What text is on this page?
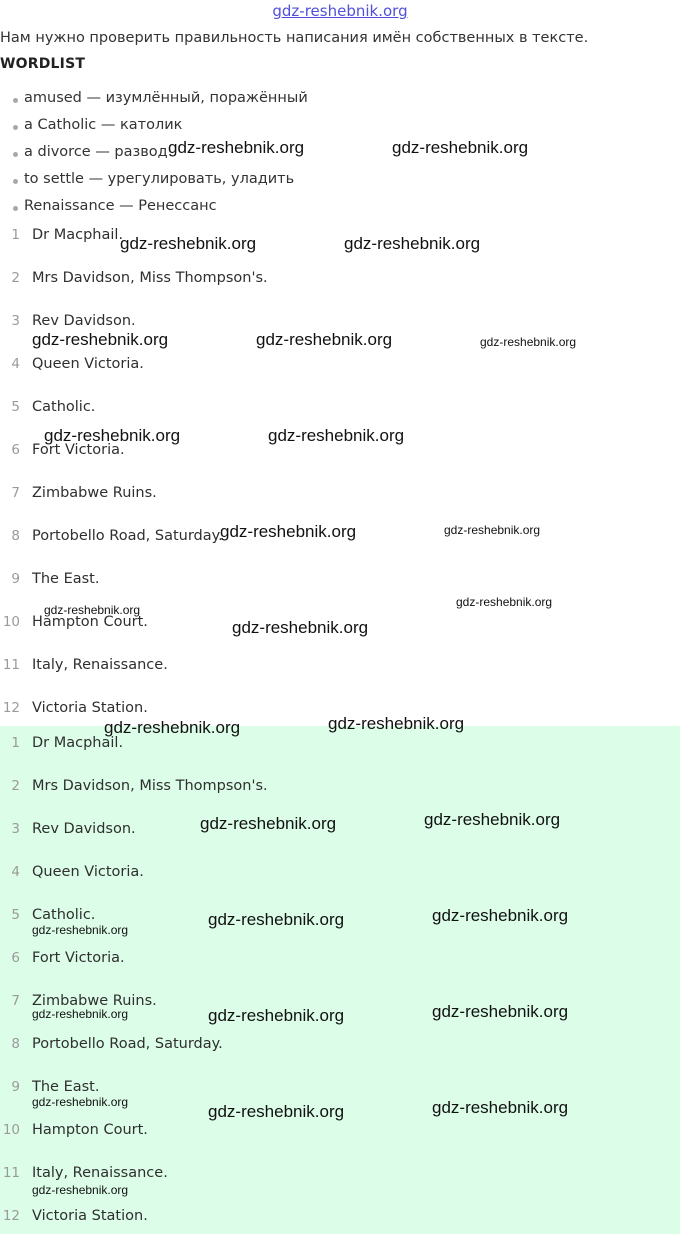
gdz-reshebnik.org
Нам нужно проверить правильность написания имён собственных в тексте.
WORDLIST
amused — изумлённый, поражённый
a Catholic — католик
a divorce — развод
to settle — урегулировать, уладить
Renaissance — Ренессанс
1 Dr Macphail.
2 Mrs Davidson, Miss Thompson's.
3 Rev Davidson.
4 Queen Victoria.
5 Catholic.
6 Fort Victoria.
7 Zimbabwe Ruins.
8 Portobello Road, Saturday.
9 The East.
10 Hampton Court.
11 Italy, Renaissance.
12 Victoria Station.
1 Dr Macphail.
2 Mrs Davidson, Miss Thompson's.
3 Rev Davidson.
4 Queen Victoria.
5 Catholic.
6 Fort Victoria.
7 Zimbabwe Ruins.
8 Portobello Road, Saturday.
9 The East.
10 Hampton Court.
11 Italy, Renaissance.
12 Victoria Station.
gdz-reshebnik.org	gdz-reshebnik.org
gdz-reshebnik.org	gdz-reshebnik.org
gdz-reshebnik.org	gdz-reshebnik.org	gdz-reshebnik.org
gdz-reshebnik.org	gdz-reshebnik.org
gdz-reshebnik.org	gdz-reshebnik.org
gdz-reshebnik.org
gdz-reshebnik.org
gdz-reshebnik.org
gdz-reshebnik.org	gdz-reshebnik.org
gdz-reshebnik.org	gdz-reshebnik.org
gdz-reshebnik.org
gdz-reshebnik.org	gdz-reshebnik.org
gdz-reshebnik.org	gdz-reshebnik.org	gdz-reshebnik.org
gdz-reshebnik.org	gdz-reshebnik.org	gdz-reshebnik.org
gdz-reshebnik.org
